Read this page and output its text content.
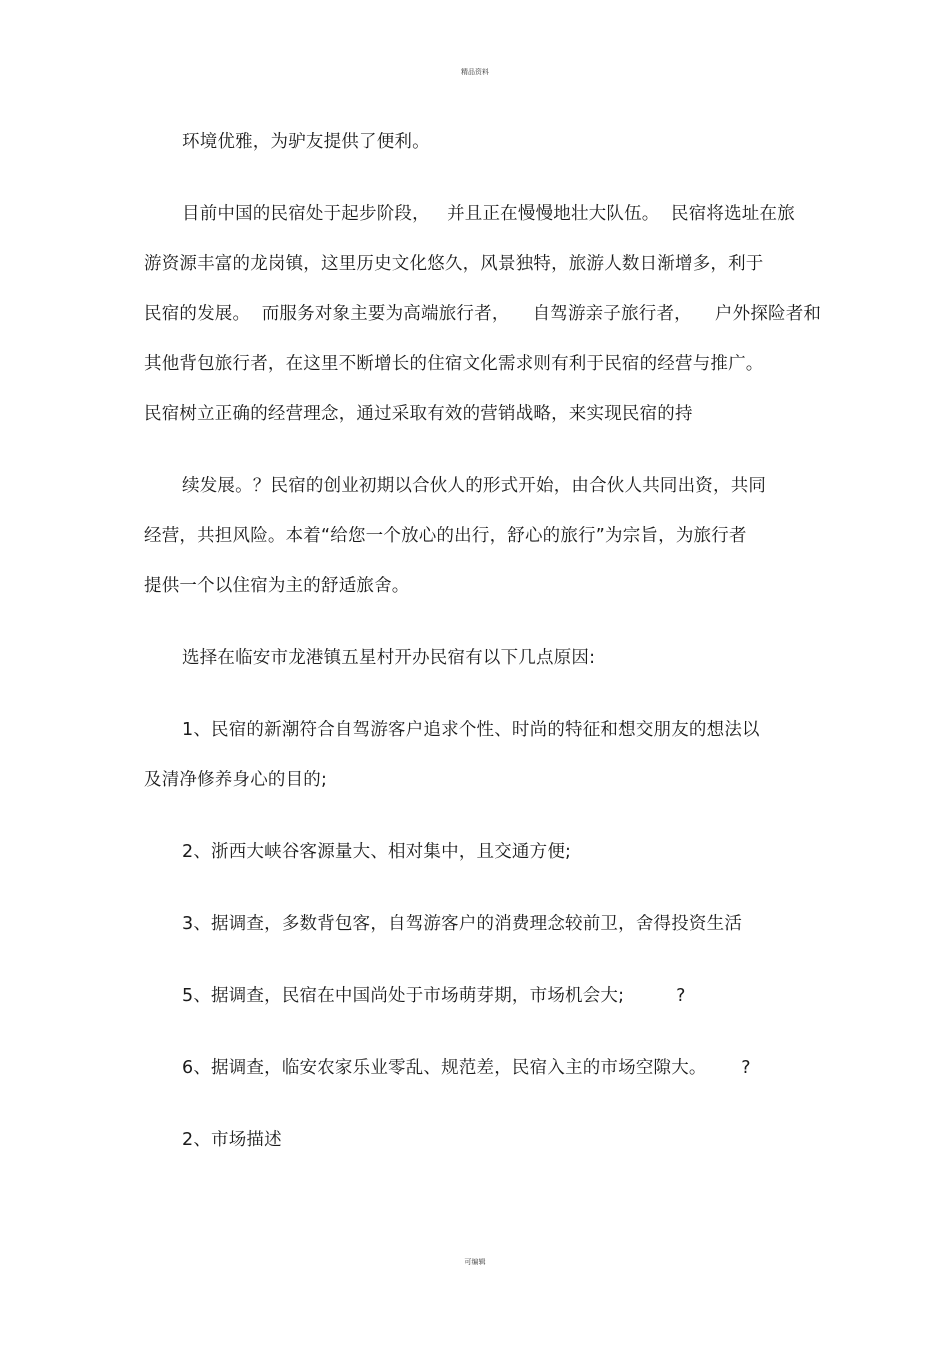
精品资料
环境优雅，为驴友提供了便利。
目前中国的民宿处于起步阶段，   并且正在慢慢地壮大队伍。  民宿将选址在旅
游资源丰富的龙岗镇，这里历史文化悠久，风景独特，旅游人数日渐增多，利于
民宿的发展。  而服务对象主要为高端旅行者，    自驾游亲子旅行者，    户外探险者和
其他背包旅行者，在这里不断增长的住宿文化需求则有利于民宿的经营与推广。
民宿树立正确的经营理念，通过采取有效的营销战略，来实现民宿的持
续发展。？民宿的创业初期以合伙人的形式开始，由合伙人共同出资，共同
经营，共担风险。本着“给您一个放心的出行，舒心的旅行”为宗旨，为旅行者
提供一个以住宿为主的舒适旅舍。
选择在临安市龙港镇五星村开办民宿有以下几点原因:
1、民宿的新潮符合自驾游客户追求个性、时尚的特征和想交朋友的想法以
及清净修养身心的目的;
2、浙西大峡谷客源量大、相对集中，且交通方便;
3、据调查，多数背包客，自驾游客户的消费理念较前卫，舍得投资生活
5、据调查，民宿在中国尚处于市场萌芽期，市场机会大;         ?
6、据调查，临安农家乐业零乱、规范差，民宿入主的市场空隙大。      ?
2、市场描述
可编辑
